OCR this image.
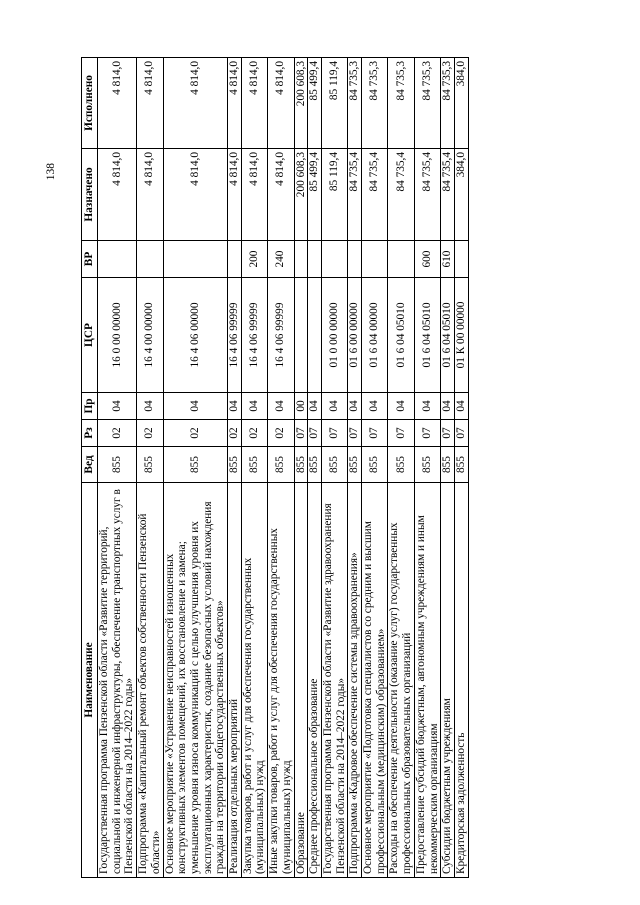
138
Наименование	Вед	Рз	Пр	ЦСР	ВР	Назначено	Исполнено
Государственная программа Пензенской области «Развитие территорий, социальной и инженерной инфраструктуры, обеспечение транспортных услуг в Пензенской области на 2014–2022 годы»	855	02	04	16 0 00 00000		4 814,0	4 814,0
Подпрограмма «Капитальный ремонт объектов собственности Пензенской области»	855	02	04	16 4 00 00000		4 814,0	4 814,0
Основное мероприятие «Устранение неисправностей изношенных конструктивных элементов помещений, их восстановление и замена; уменьшение уровня износа коммуникаций с целью улучшения уровня их эксплуатационных характеристик, создание безопасных условий нахождения граждан на территории общегосударственных объектов»	855	02	04	16 4 06 00000		4 814,0	4 814,0
Реализация отдельных мероприятий	855	02	04	16 4 06 99999		4 814,0	4 814,0
Закупка товаров, работ и услуг для обеспечения государственных (муниципальных) нужд	855	02	04	16 4 06 99999	200	4 814,0	4 814,0
Иные закупки товаров, работ и услуг для обеспечения государственных (муниципальных) нужд	855	02	04	16 4 06 99999	240	4 814,0	4 814,0
Образование	855	07	00			200 608,3	200 608,3
Среднее профессиональное образование	855	07	04			85 499,4	85 499,4
Государственная программа Пензенской области «Развитие здравоохранения Пензенской области на 2014–2022 годы»	855	07	04	01 0 00 00000		85 119,4	85 119,4
Подпрограмма «Кадровое обеспечение системы здравоохранения»	855	07	04	01 6 00 00000		84 735,4	84 735,3
Основное мероприятие «Подготовка специалистов со средним и высшим профессиональным (медицинским) образованием»	855	07	04	01 6 04 00000		84 735,4	84 735,3
Расходы на обеспечение деятельности (оказание услуг) государственных профессиональных образовательных организаций	855	07	04	01 6 04 05010		84 735,4	84 735,3
Предоставление субсидий бюджетным, автономным учреждениям и иным некоммерческим организациям	855	07	04	01 6 04 05010	600	84 735,4	84 735,3
Субсидии бюджетным учреждениям	855	07	04	01 6 04 05010	610	84 735,4	84 735,3
Кредиторская задолженность	855	07	04	01 К 00 00000		384,0	384,0
